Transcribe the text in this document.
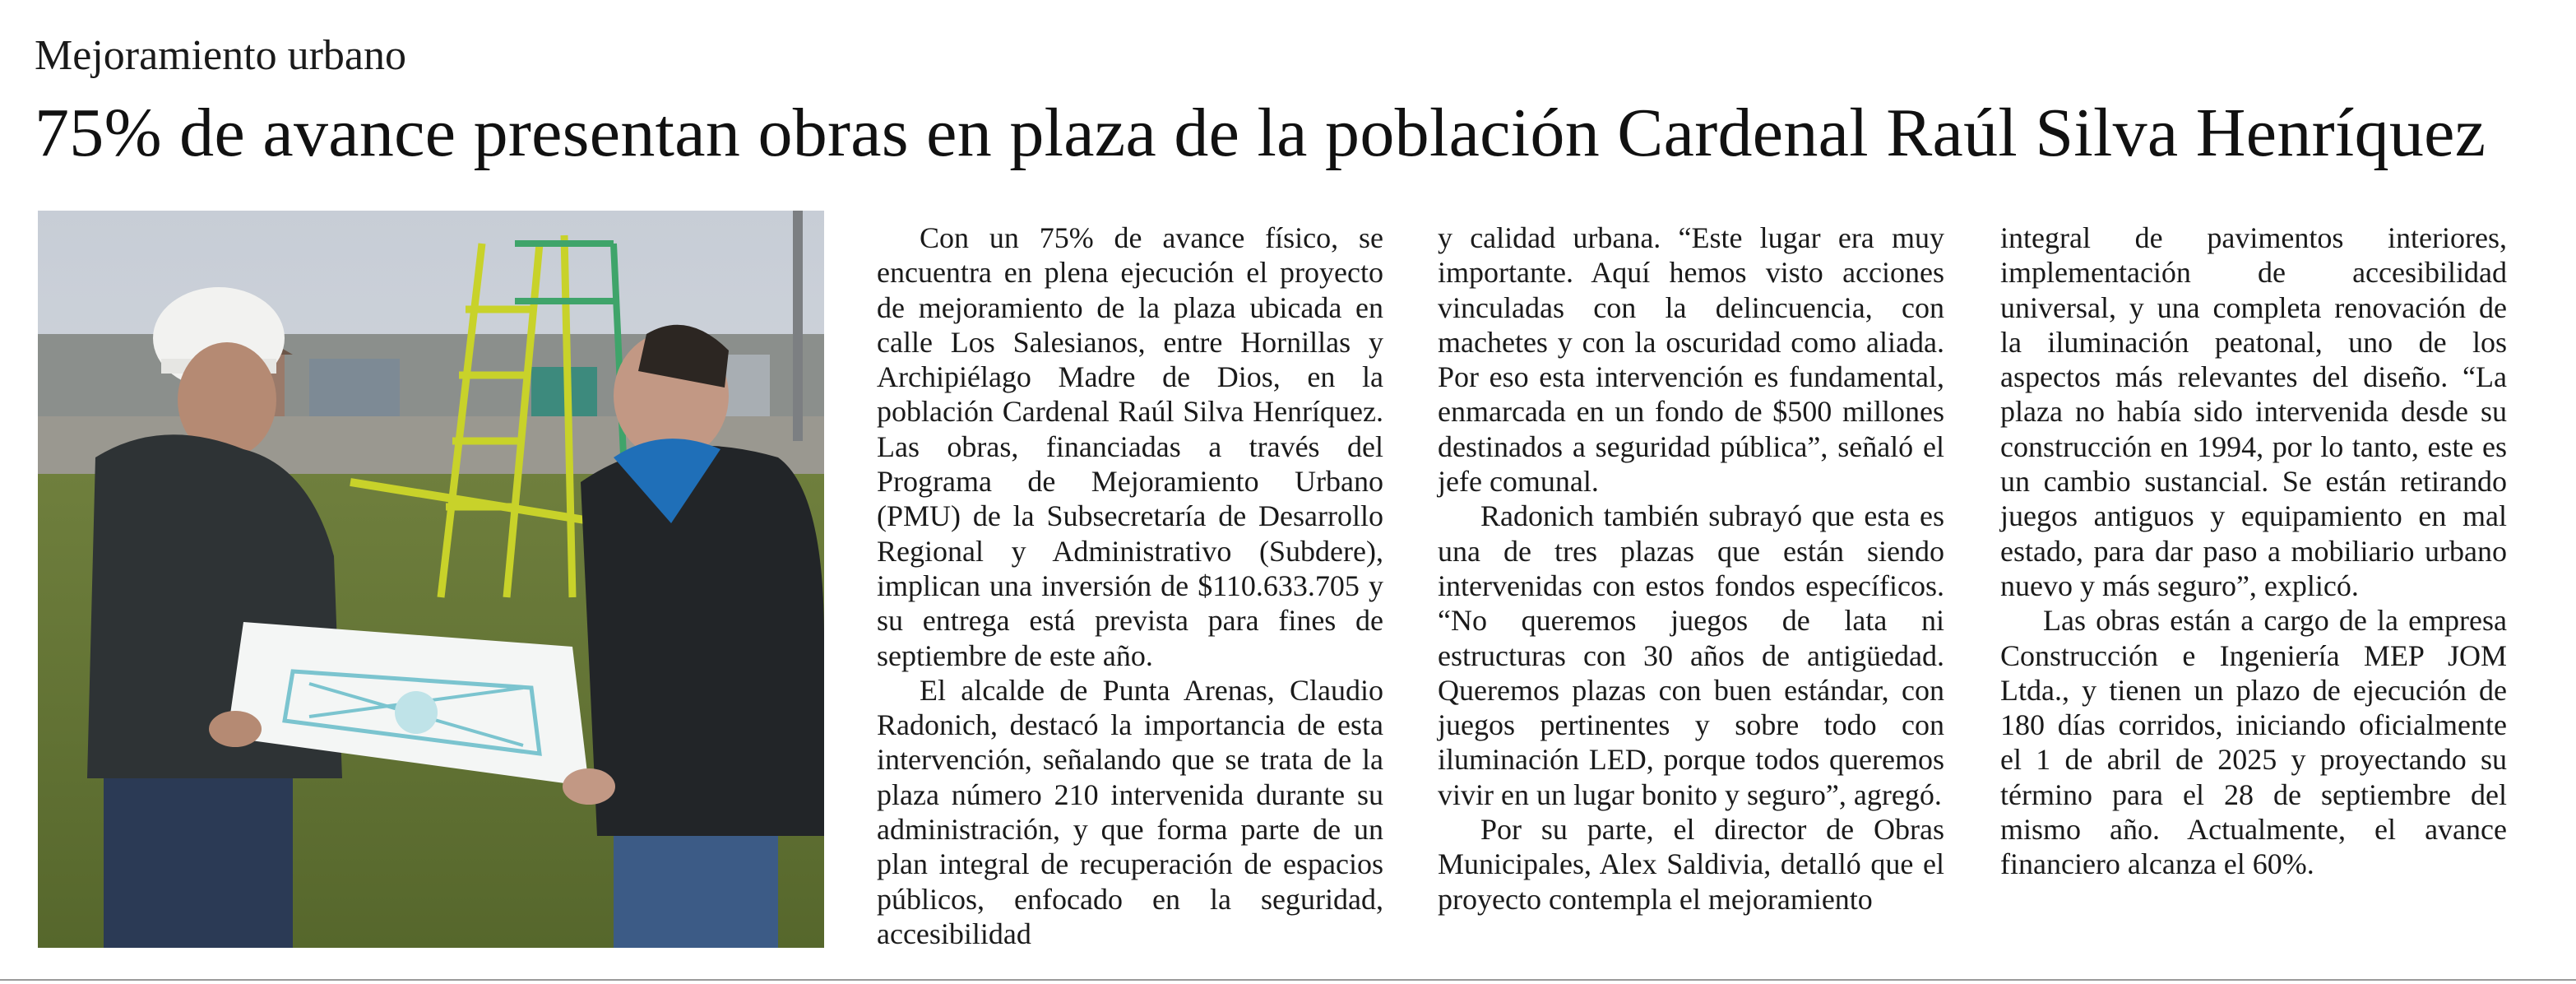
Mejoramiento urbano
75% de avance presentan obras en plaza de la población Cardenal Raúl Silva Henríquez

Con un 75% de avance físico, se encuentra en plena ejecución el proyecto de mejoramiento de la plaza ubicada en calle Los Salesianos, entre Hornillas y Archipiélago Madre de Dios, en la población Cardenal Raúl Silva Henríquez. Las obras, financiadas a través del Programa de Mejoramiento Urbano (PMU) de la Subsecretaría de Desarrollo Regional y Administrativo (Subdere), implican una inversión de $110.633.705 y su entrega está prevista para fines de septiembre de este año.

El alcalde de Punta Arenas, Claudio Radonich, destacó la importancia de esta intervención, señalando que se trata de la plaza número 210 intervenida durante su administración, y que forma parte de un plan integral de recuperación de espacios públicos, enfocado en la seguridad, accesibilidad

y calidad urbana. “Este lugar era muy importante. Aquí hemos visto acciones vinculadas con la delincuencia, con machetes y con la oscuridad como aliada. Por eso esta intervención es fundamental, enmarcada en un fondo de $500 millones destinados a seguridad pública”, señaló el jefe comunal.

Radonich también subrayó que esta es una de tres plazas que están siendo intervenidas con estos fondos específicos. “No queremos juegos de lata ni estructuras con 30 años de antigüedad. Queremos plazas con buen estándar, con juegos pertinentes y sobre todo con iluminación LED, porque todos queremos vivir en un lugar bonito y seguro”, agregó.

Por su parte, el director de Obras Municipales, Alex Saldivia, detalló que el proyecto contempla el mejoramiento

integral de pavimentos interiores, implementación de accesibilidad universal, y una completa renovación de la iluminación peatonal, uno de los aspectos más relevantes del diseño. “La plaza no había sido intervenida desde su construcción en 1994, por lo tanto, este es un cambio sustancial. Se están retirando juegos antiguos y equipamiento en mal estado, para dar paso a mobiliario urbano nuevo y más seguro”, explicó.

Las obras están a cargo de la empresa Construcción e Ingeniería MEP JOM Ltda., y tienen un plazo de ejecución de 180 días corridos, iniciando oficialmente el 1 de abril de 2025 y proyectando su término para el 28 de septiembre del mismo año. Actualmente, el avance financiero alcanza el 60%.
